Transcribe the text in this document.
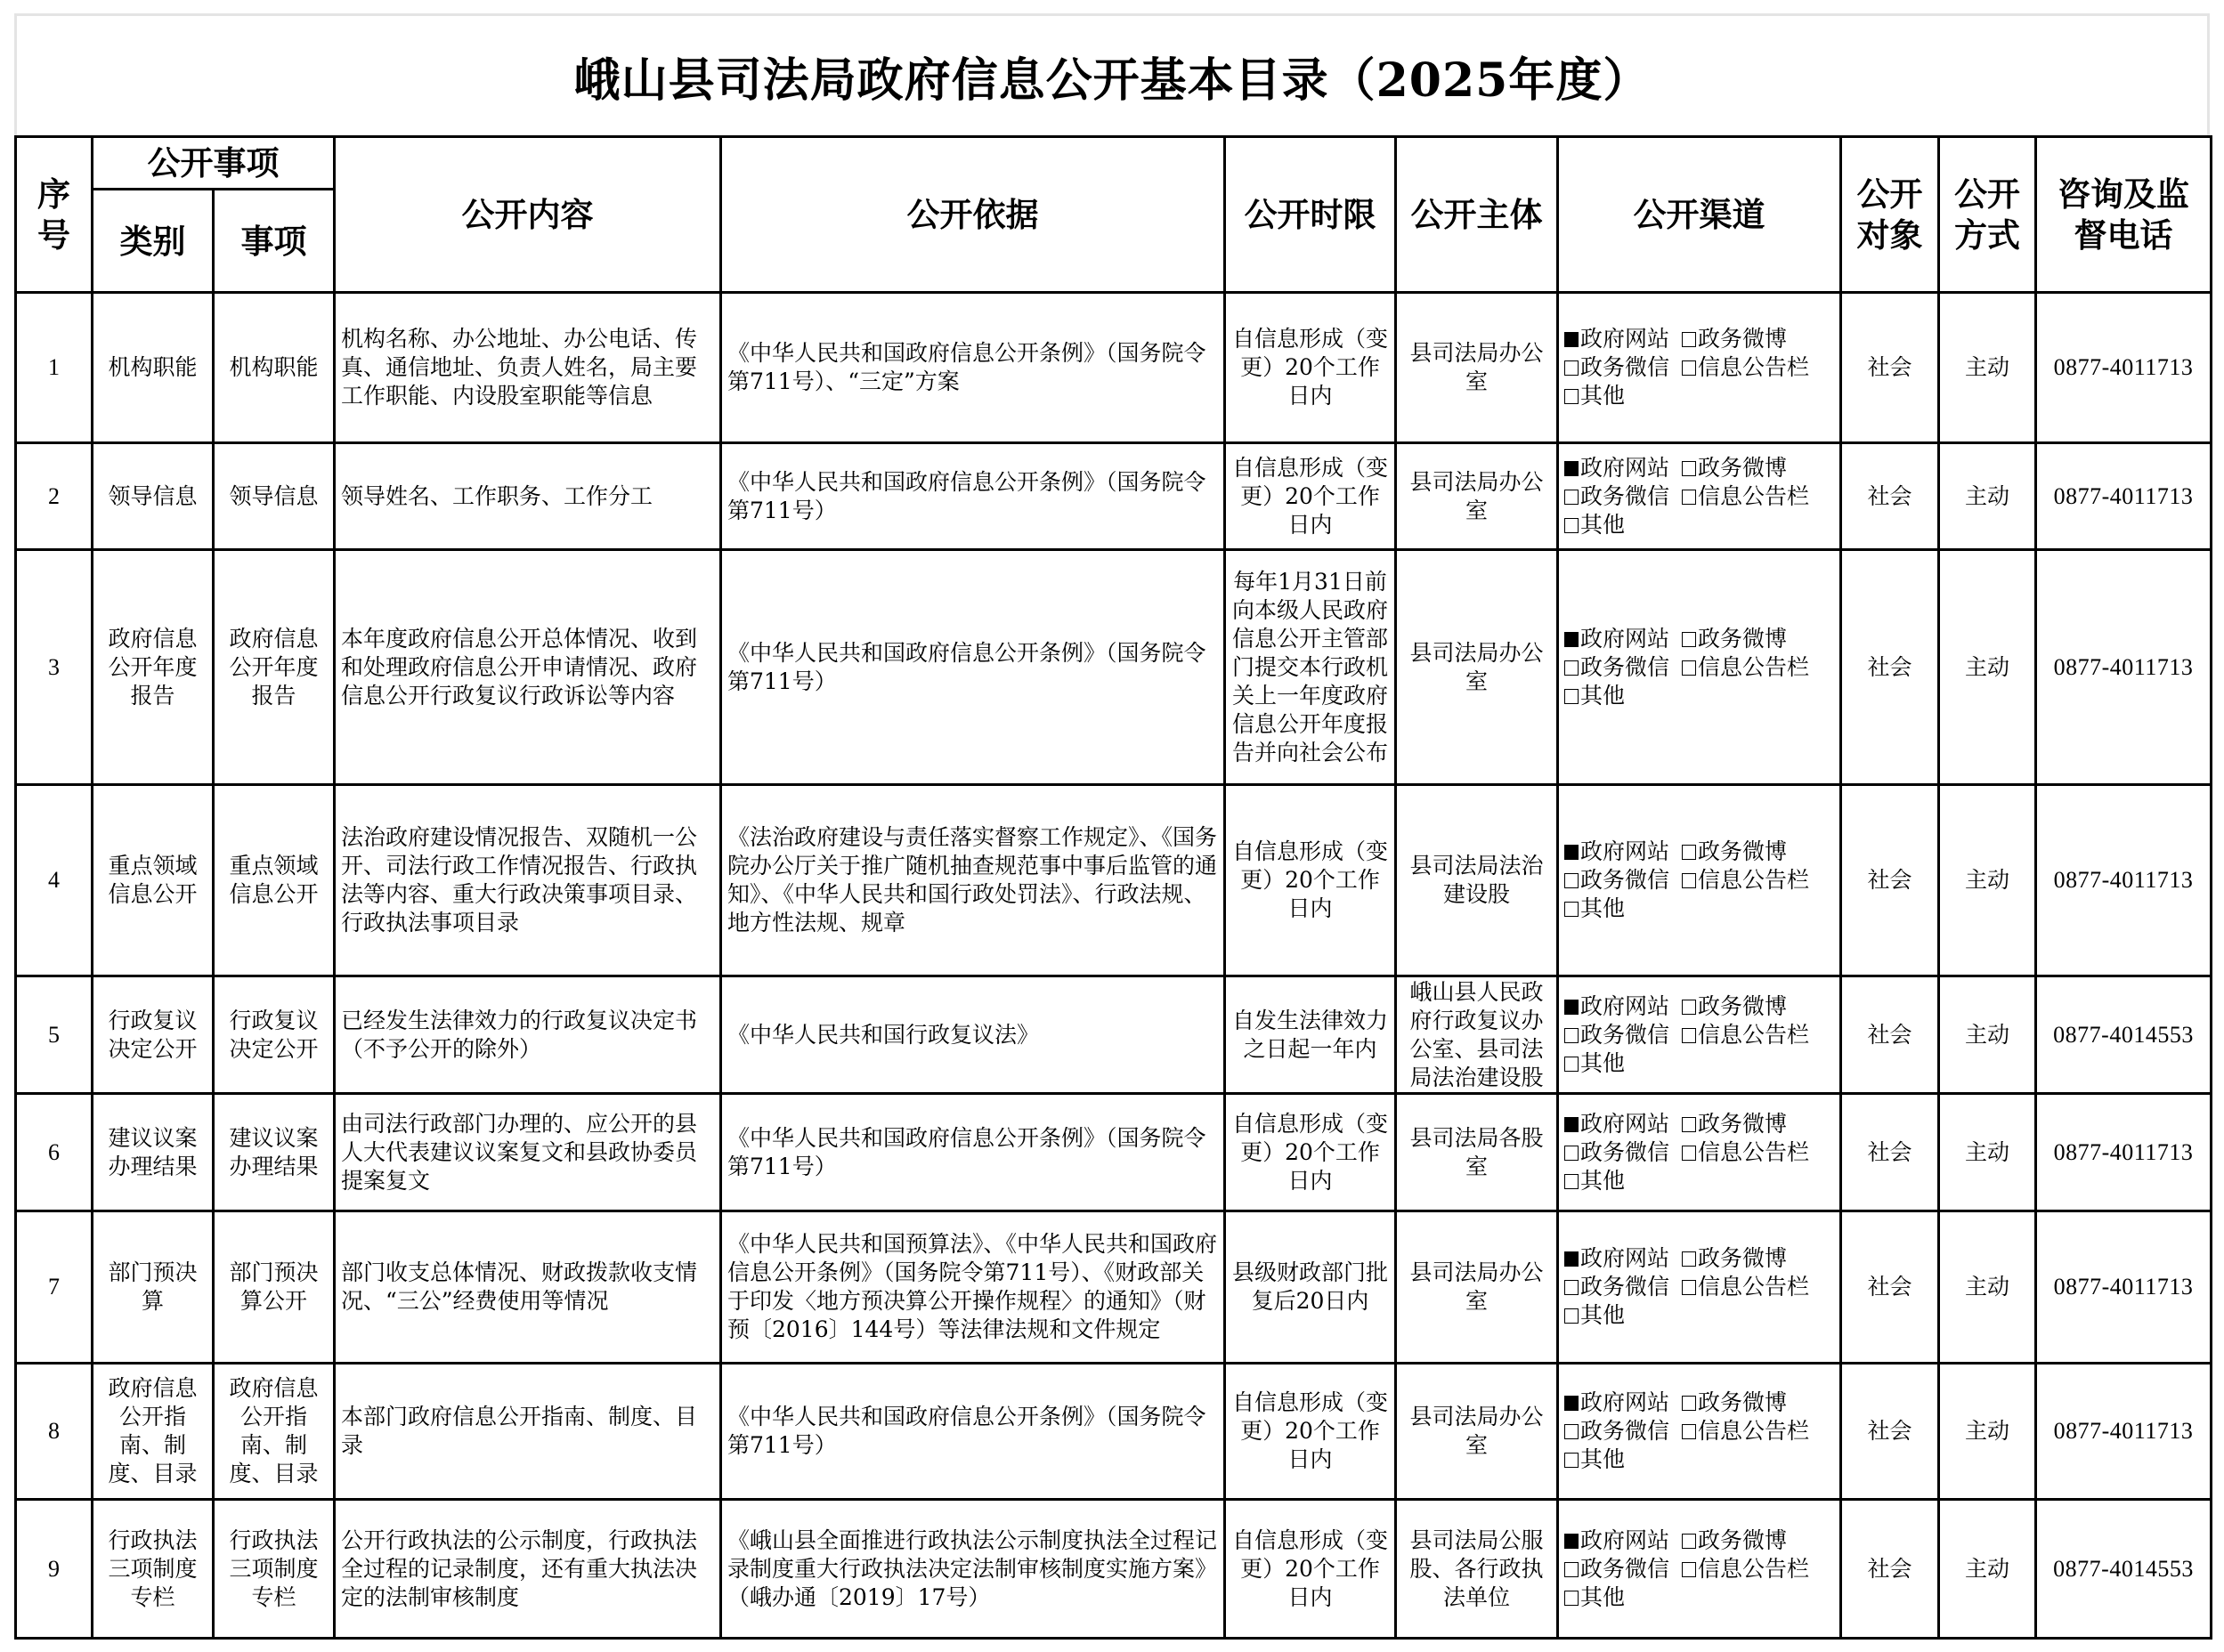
峨山县司法局政府信息公开基本目录（2025年度）
序号	公开事项		公开内容	公开依据	公开时限	公开主体	公开渠道	公开对象	公开方式	咨询及监督电话
	类别	事项								
1	机构职能	机构职能	机构名称、办公地址、办公电话、传真、通信地址、负责人姓名，局主要工作职能、内设股室职能等信息	《中华人民共和国政府信息公开条例》（国务院令第711号）、“三定”方案	自信息形成（变更）20个工作日内	县司法局办公室	政府网站 政务微博
政务微信 信息公告栏
其他	社会	主动	0877-4011713
2	领导信息	领导信息	领导姓名、工作职务、工作分工	《中华人民共和国政府信息公开条例》（国务院令第711号）	自信息形成（变更）20个工作日内	县司法局办公室	政府网站 政务微博
政务微信 信息公告栏
其他	社会	主动	0877-4011713
3	政府信息公开年度报告	政府信息公开年度报告	本年度政府信息公开总体情况、收到和处理政府信息公开申请情况、政府信息公开行政复议行政诉讼等内容	《中华人民共和国政府信息公开条例》（国务院令第711号）	每年1月31日前向本级人民政府信息公开主管部门提交本行政机关上一年度政府信息公开年度报告并向社会公布	县司法局办公室	政府网站 政务微博
政务微信 信息公告栏
其他	社会	主动	0877-4011713
4	重点领域信息公开	重点领域信息公开	法治政府建设情况报告、双随机一公开、司法行政工作情况报告、行政执法等内容、重大行政决策事项目录、行政执法事项目录	《法治政府建设与责任落实督察工作规定》、《国务院办公厅关于推广随机抽查规范事中事后监管的通知》、《中华人民共和国行政处罚法》、行政法规、地方性法规、规章	自信息形成（变更）20个工作日内	县司法局法治建设股	政府网站 政务微博
政务微信 信息公告栏
其他	社会	主动	0877-4011713
5	行政复议决定公开	行政复议决定公开	已经发生法律效力的行政复议决定书（不予公开的除外）	《中华人民共和国行政复议法》	自发生法律效力之日起一年内	峨山县人民政府行政复议办公室、县司法局法治建设股	政府网站 政务微博
政务微信 信息公告栏
其他	社会	主动	0877-4014553
6	建议议案办理结果	建议议案办理结果	由司法行政部门办理的、应公开的县人大代表建议议案复文和县政协委员提案复文	《中华人民共和国政府信息公开条例》（国务院令第711号）	自信息形成（变更）20个工作日内	县司法局各股室	政府网站 政务微博
政务微信 信息公告栏
其他	社会	主动	0877-4011713
7	部门预决算	部门预决算公开	部门收支总体情况、财政拨款收支情况、“三公”经费使用等情况	《中华人民共和国预算法》、《中华人民共和国政府信息公开条例》（国务院令第711号）、《财政部关于印发〈地方预决算公开操作规程〉的通知》（财预〔2016〕144号）等法律法规和文件规定	县级财政部门批复后20日内	县司法局办公室	政府网站 政务微博
政务微信 信息公告栏
其他	社会	主动	0877-4011713
8	政府信息公开指南、制度、目录	政府信息公开指南、制度、目录	本部门政府信息公开指南、制度、目录	《中华人民共和国政府信息公开条例》（国务院令第711号）	自信息形成（变更）20个工作日内	县司法局办公室	政府网站 政务微博
政务微信 信息公告栏
其他	社会	主动	0877-4011713
9	行政执法三项制度专栏	行政执法三项制度专栏	公开行政执法的公示制度，行政执法全过程的记录制度，还有重大执法决定的法制审核制度	《峨山县全面推进行政执法公示制度执法全过程记录制度重大行政执法决定法制审核制度实施方案》（峨办通〔2019〕17号）	自信息形成（变更）20个工作日内	县司法局公服股、各行政执法单位	政府网站 政务微博
政务微信 信息公告栏
其他	社会	主动	0877-4014553
